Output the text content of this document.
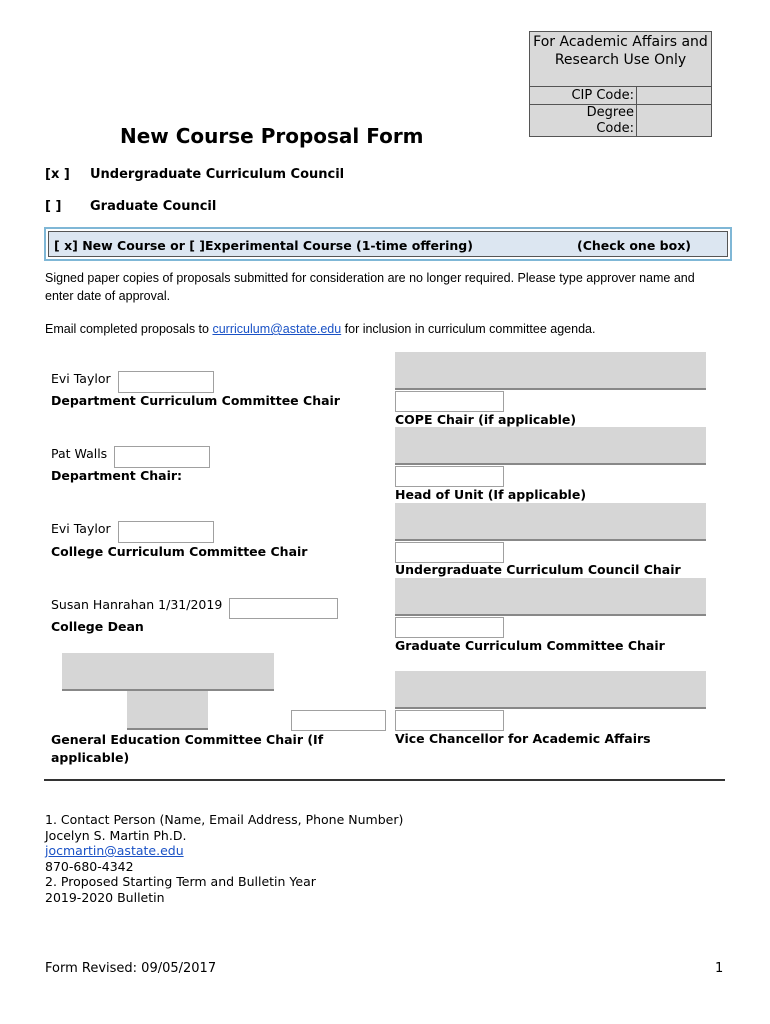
For Academic Affairs and Research Use Only
CIP Code:
Degree Code:
New Course Proposal Form
[x ] Undergraduate Curriculum Council
[ ] Graduate Council
[ x] New Course or [ ]Experimental Course (1-time offering)	(Check one box)
Signed paper copies of proposals submitted for consideration are no longer required. Please type approver name and enter date of approval.
Email completed proposals to curriculum@astate.edu for inclusion in curriculum committee agenda.
Evi Taylor
Department Curriculum Committee Chair
Pat Walls
Department Chair:
Evi Taylor
College Curriculum Committee Chair
Susan Hanrahan 1/31/2019
College Dean
General Education Committee Chair (If applicable)
COPE Chair (if applicable)
Head of Unit (If applicable)
Undergraduate Curriculum Council Chair
Graduate Curriculum Committee Chair
Vice Chancellor for Academic Affairs
1. Contact Person (Name, Email Address, Phone Number)
Jocelyn S. Martin Ph.D.
jocmartin@astate.edu
870-680-4342
2. Proposed Starting Term and Bulletin Year
2019-2020 Bulletin
Form Revised: 09/05/2017	1
